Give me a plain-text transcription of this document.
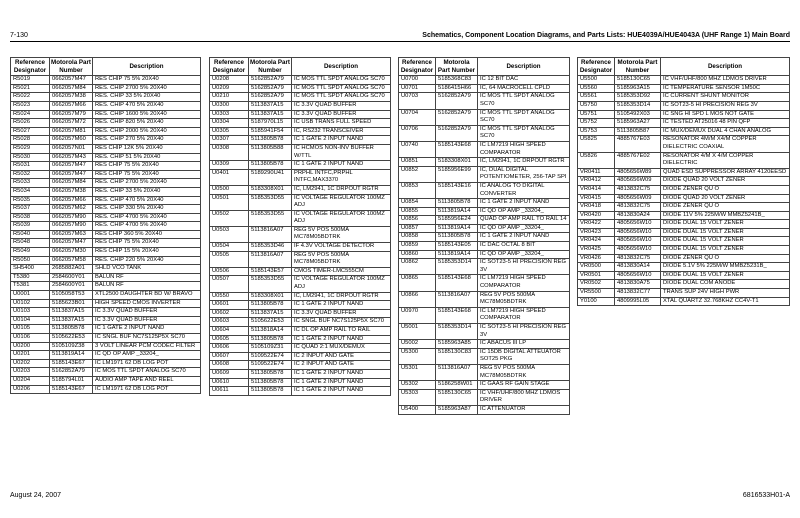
7-130	Schematics, Component Location Diagrams, and Parts Lists: HUE4039A/HUE4043A (UHF Range 1) Main Board
Reference Designator	Motorola Part Number	Description
R5019	0662057M47	RES CHIP 75 5% 20X40
R5021	0662057M84	RES. CHIP 2700 5% 20X40
R5022	0662057M38	RES. CHIP 33 5% 20X40
R5023	0662057M66	RES. CHIP 470 5% 20X40
R5024	0662057M79	RES. CHIP 1600 5% 20X40
R5026	0662057M72	RES. CHIP 820 5% 20X40
R5027	0662057M81	RES. CHIP 2000 5% 20X40
R5028	0662057M60	RES. CHIP 270 5% 20X40
R5029	0662057N01	RES CHIP 12K 5% 20X40
R5030	0662057M43	RES. CHIP 51 5% 20X40
R5031	0662057M47	RES CHIP 75 5% 20X40
R5032	0662057M47	RES CHIP 75 5% 20X40
R5033	0662057M84	RES. CHIP 2700 5% 20X40
R5034	0662057M38	RES. CHIP 33 5% 20X40
R5035	0662057M66	RES. CHIP 470 5% 20X40
R5037	0662057M62	RES. CHIP 330 5% 20X40
R5038	0662057M90	RES. CHIP 4700 5% 20X40
R5039	0662057M90	RES. CHIP 4700 5% 20X40
R5040	0662057M63	RES CHIP 360 5% 20X40
R5048	0662057M47	RES CHIP 75 5% 20X40
R5049	0662057M30	RES CHIP 15 5% 20X40
R5050	0662057M58	RES. CHIP 220 5% 20X40
SH5400	2685882A01	SHLD VCO TANK
T5380	2584600Y01	BALUN RF
T5381	2584600Y01	BALUN RF
U0001	5105058T53	XTL2500 DAUGHTER BD W/ BRAVO
U0102	5185623B01	HIGH SPEED CMOS INVERTER
U0103	5113837A15	IC 3.3V QUAD BUFFER
U0104	5113837A15	IC 3.3V QUAD BUFFER
U0105	5113805B78	IC 1 GATE 2 INPUT NAND
U0106	5105622E53	IC SNGL BUF NC7S125P5X SC70
U0200	5105109Z38	3 VOLT LINEAR PCM CODEC FILTER
U0201	5113819A14	IC QD OP AMP _33204_
U0202	5185143E67	IC LM1971 62 DB LOG POT
U0203	5162852A79	IC MOS TTL SPDT ANALOG SC70
U0204	5185794L01	AUDIO AMP TAPE AND REEL
U0206	5185143E67	IC LM1971 62 DB LOG POT
Reference Designator	Motorola Part Number	Description
U0208	5162852A79	IC MOS TTL SPDT ANALOG SC70
U0209	5162852A79	IC MOS TTL SPDT ANALOG SC70
U0210	5162852A79	IC MOS TTL SPDT ANALOG SC70
U0300	5113837A15	IC 3.3V QUAD BUFFER
U0303	5113837A15	IC 3.3V QUAD BUFFER
U0304	5187970L15	IC USB TRANS FULL SPEED
U0305	5185941F54	IC, RS232 TRANSCEIVER
U0307	5113805B78	IC 1 GATE 2 INPUT NAND
U0308	5113805B88	IC HCMOS NON-INV BUFFER W/TTL
U0309	5113805B78	IC 1 GATE 2 INPUT NAND
U0401	5189290U41	PRPHL INTFC,PRPHL INTFC,MAX3370
U0500	5183308X01	IC, LM2941, 1C DRPOUT RGTR
U0501	5185353D55	IC VOLTAGE REGULATOR 100MZ ADJ
U0502	5185353D55	IC VOLTAGE REGULATOR 100MZ ADJ
U0503	5113816A07	REG 5V POS 500MA MC78M05BDTRK
U0504	5185353D46	IF 4.3V VOLTAGE DETECTOR
U0505	5113816A07	REG 5V POS 500MA MC78M05BDTRK
U0506	5185143E57	CMOS TIMER-LMC555CM
U0507	5185353D55	IC VOLTAGE REGULATOR 100MZ ADJ
U0550	5183308X01	IC, LM2941, 1C DRPOUT RGTR
U0601	5113805B78	IC 1 GATE 2 INPUT NAND
U0602	5113837A15	IC 3.3V QUAD BUFFER
U0603	5105622E53	IC SNGL BUF NC7S125P5X SC70
U0604	5113818A14	IC DL OP AMP RAIL TO RAIL
U0605	5113805B78	IC 1 GATE 2 INPUT NAND
U0606	5105109Z31	IC QUAD 2:1 MUX/DEMUX
U0607	5109522E74	IC 2 INPUT AND GATE
U0608	5109522E74	IC 2 INPUT AND GATE
U0609	5113805B78	IC 1 GATE 2 INPUT NAND
U0610	5113805B78	IC 1 GATE 2 INPUT NAND
U0611	5113805B78	IC 1 GATE 2 INPUT NAND
Reference Designator	Motorola Part Number	Description
U0700	5185368C83	IC 12 BIT DAC
U0701	5186415H66	IC, 64 MACROCELL CPLD
U0703	5162852A79	IC MOS TTL SPDT ANALOG SC70
U0704	5162852A79	IC MOS TTL SPDT ANALOG SC70
U0706	5162852A79	IC MOS TTL SPDT ANALOG SC70
U0740	5185143E68	IC LM7219 HIGH SPEED COMPARATOR
U0851	5183308X01	IC, LM2941, 1C DRPOUT RGTR
U0852	5185956E99	IC, DUAL DIGITAL POTENTIOMETER, 256-TAP SPI
U0853	5185143E16	IC ANALOG TO DIGITAL CONVERTER
U0854	5113805B78	IC 1 GATE 2 INPUT NAND
U0855	5113819A14	IC QD OP AMP _33204_
U0856	5185956E24	QUAD OP AMP RAIL TO RAIL 14
U0857	5113819A14	IC QD OP AMP _33204_
U0858	5113805B78	IC 1 GATE 2 INPUT NAND
U0859	5185143E05	IC DAC OCTAL 8 BIT
U0860	5113819A14	IC QD OP AMP _33204_
U0862	5185353D14	IC SOT23-5 HI PRECISION REG 3V
U0865	5185143E68	IC LM7219 HIGH SPEED COMPARATOR
U0866	5113816A07	REG 5V POS 500MA MC78M05BDTRK
U0970	5185143E68	IC LM7219 HIGH SPEED COMPARATOR
U5001	5185353D14	IC SOT23-5 HI PRECISION REG 3V
U5002	5185963A85	IC ABACUS III LP
U5300	5185130C83	IC 15DB DIGITAL ATTEUATOR SOT25 PKG
U5301	5113816A07	REG 5V POS 500MA MC78M05BDTRK
U5302	5186258W01	IC GAAS RF GAIN STAGE
U5303	5185130C65	IC VHF/UHF/800 MHZ LDMOS DRIVER
U5400	5185963A87	IC ATTENUATOR
Reference Designator	Motorola Part Number	Description
U5500	5185130C65	IC VHF/UHF/800 MHZ LDMOS DRIVER
U5560	5185963A15	IC TEMPERATURE SENSOR 1M50C
U5561	5185353D92	IC CURRENT SHUNT MONITOR
U5750	5185353D14	IC SOT23-5 HI PRECISION REG 3V
U5751	5105492X03	IC SNG HI SPD L MOS NOT GATE
U5752	5185963A27	IC TESTED AT25016 48 PIN QFP
U5753	5113805B87	IC MUX/DEMUX DUAL 4 CHAN ANALOG
U5825	4885767E03	RESONATOR 4M/M X4/M COPPER DIELECTRIC COAXIAL
U5826	4885767E02	RESONATOR 4/M X 4/M COPPER DIELECTRIC
VR0411	4805656W89	QUAD ESD SUPPRESSOR ARRAY 4120EESD
VR0412	4805656W09	DIODE QUAD 20 VOLT ZENER
VR0414	4813832C75	DIODE ZENER QU O
VR0415	4805656W09	DIODE QUAD 20 VOLT ZENER
VR0418	4813832C75	DIODE ZENER QU O
VR0420	4813830A24	DIODE 11V 5% 225M/W MMBZ5241B_
VR0422	4805656W10	DIODE DUAL 15 VOLT ZENER
VR0423	4805656W10	DIODE DUAL 15 VOLT ZENER
VR0424	4805656W10	DIODE DUAL 15 VOLT ZENER
VR0425	4805656W10	DIODE DUAL 15 VOLT ZENER
VR0426	4813832C75	DIODE ZENER QU O
VR0500	4813830A14	DIODE 5.1V 5% 225M/W MMBZ5231B_
VR0501	4805656W10	DIODE DUAL 15 VOLT ZENER
VR0502	4813830A75	DIODE DUAL COM ANODE
VR5500	4813832C77	TRANS SUP 24V HIGH PWR
Y0100	4809995L05	XTAL QUARTZ 32.768KHZ CC4V-T1
August 24, 2007	6816533H01-A
